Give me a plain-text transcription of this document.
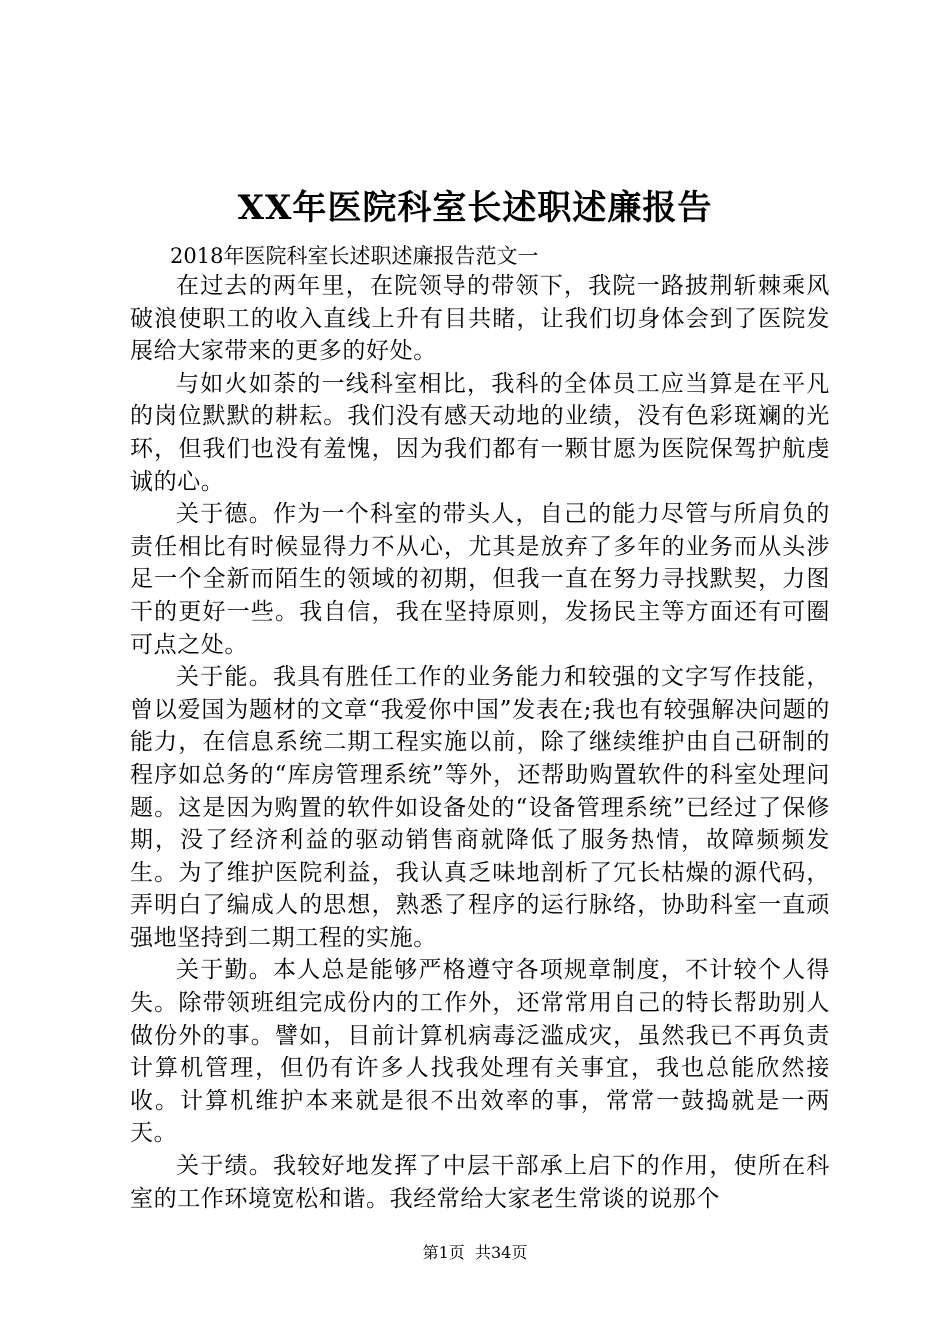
XX年医院科室长述职述廉报告

2018年医院科室长述职述廉报告范文一

在过去的两年里，在院领导的带领下，我院一路披荆斩棘乘风破浪使职工的收入直线上升有目共睹，让我们切身体会到了医院发展给大家带来的更多的好处。

与如火如荼的一线科室相比，我科的全体员工应当算是在平凡的岗位默默的耕耘。我们没有感天动地的业绩，没有色彩斑斓的光环，但我们也没有羞愧，因为我们都有一颗甘愿为医院保驾护航虔诚的心。

关于德。作为一个科室的带头人，自己的能力尽管与所肩负的责任相比有时候显得力不从心，尤其是放弃了多年的业务而从头涉足一个全新而陌生的领域的初期，但我一直在努力寻找默契，力图干的更好一些。我自信，我在坚持原则，发扬民主等方面还有可圈可点之处。

关于能。我具有胜任工作的业务能力和较强的文字写作技能，曾以爱国为题材的文章“我爱你中国”发表在;我也有较强解决问题的能力，在信息系统二期工程实施以前，除了继续维护由自己研制的程序如总务的“库房管理系统”等外，还帮助购置软件的科室处理问题。这是因为购置的软件如设备处的“设备管理系统”已经过了保修期，没了经济利益的驱动销售商就降低了服务热情，故障频频发生。为了维护医院利益，我认真乏味地剖析了冗长枯燥的源代码，弄明白了编成人的思想，熟悉了程序的运行脉络，协助科室一直顽强地坚持到二期工程的实施。

关于勤。本人总是能够严格遵守各项规章制度，不计较个人得失。除带领班组完成份内的工作外，还常常用自己的特长帮助别人做份外的事。譬如，目前计算机病毒泛滥成灾，虽然我已不再负责计算机管理，但仍有许多人找我处理有关事宜，我也总能欣然接收。计算机维护本来就是很不出效率的事，常常一鼓捣就是一两天。

关于绩。我较好地发挥了中层干部承上启下的作用，使所在科室的工作环境宽松和谐。我经常给大家老生常谈的说那个

第1页 共34页
